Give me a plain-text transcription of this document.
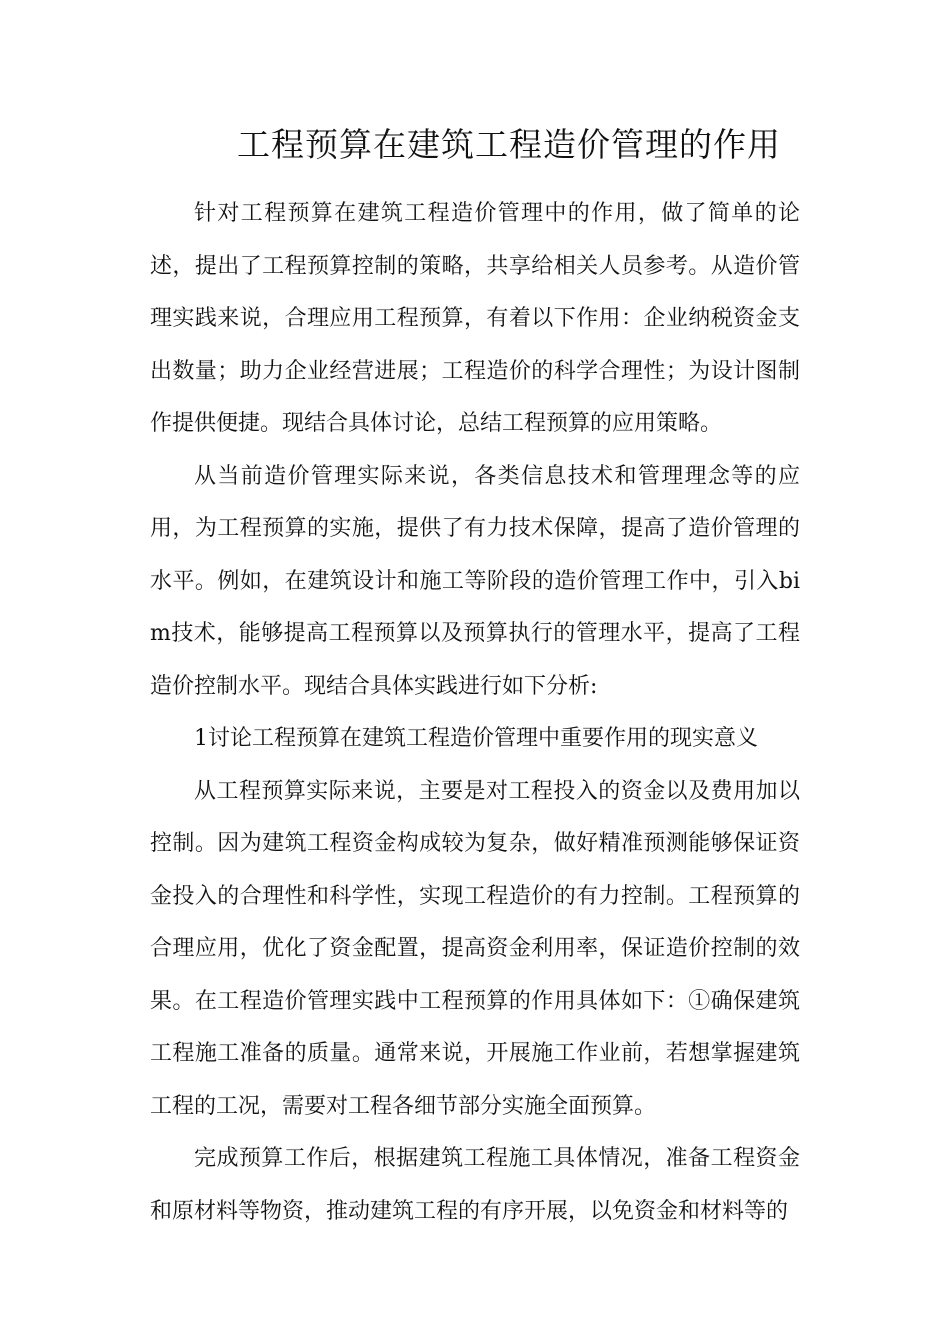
工程预算在建筑工程造价管理的作用

针对工程预算在建筑工程造价管理中的作用，做了简单的论述，提出了工程预算控制的策略，共享给相关人员参考。从造价管理实践来说，合理应用工程预算，有着以下作用：企业纳税资金支出数量；助力企业经营进展；工程造价的科学合理性；为设计图制作提供便捷。现结合具体讨论，总结工程预算的应用策略。

从当前造价管理实际来说，各类信息技术和管理理念等的应用，为工程预算的实施，提供了有力技术保障，提高了造价管理的水平。例如，在建筑设计和施工等阶段的造价管理工作中，引入bim技术，能够提高工程预算以及预算执行的管理水平，提高了工程造价控制水平。现结合具体实践进行如下分析:

1讨论工程预算在建筑工程造价管理中重要作用的现实意义

从工程预算实际来说，主要是对工程投入的资金以及费用加以控制。因为建筑工程资金构成较为复杂，做好精准预测能够保证资金投入的合理性和科学性，实现工程造价的有力控制。工程预算的合理应用，优化了资金配置，提高资金利用率，保证造价控制的效果。在工程造价管理实践中工程预算的作用具体如下：①确保建筑工程施工准备的质量。通常来说，开展施工作业前，若想掌握建筑工程的工况，需要对工程各细节部分实施全面预算。

完成预算工作后，根据建筑工程施工具体情况，准备工程资金和原材料等物资，推动建筑工程的有序开展，以免资金和材料等的
